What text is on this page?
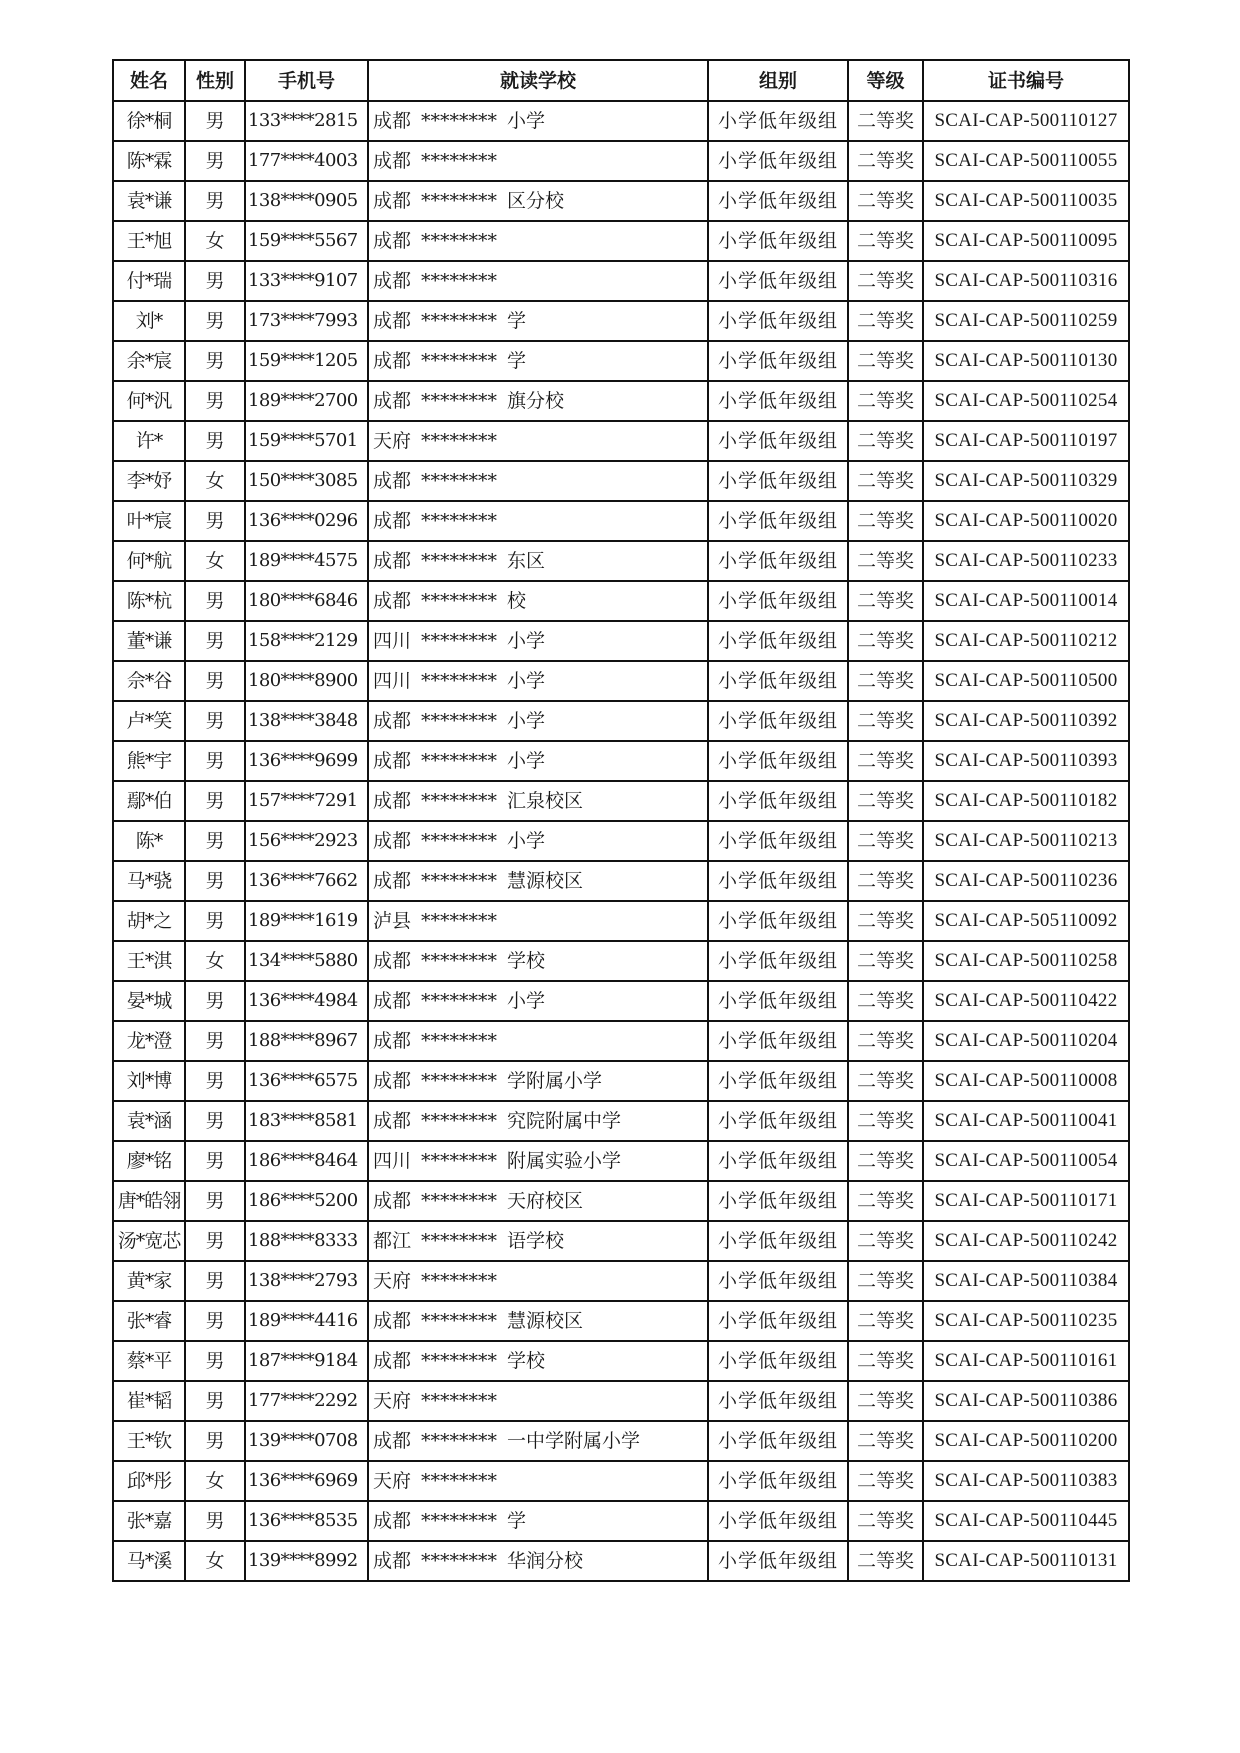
姓名	性别	手机号	就读学校	组别	等级	证书编号
徐*桐	男	133****2815	成都 ******** 小学	小学低年级组	二等奖	SCAI-CAP-500110127
陈*霖	男	177****4003	成都 ********	小学低年级组	二等奖	SCAI-CAP-500110055
袁*谦	男	138****0905	成都 ******** 区分校	小学低年级组	二等奖	SCAI-CAP-500110035
王*旭	女	159****5567	成都 ********	小学低年级组	二等奖	SCAI-CAP-500110095
付*瑞	男	133****9107	成都 ********	小学低年级组	二等奖	SCAI-CAP-500110316
刘*	男	173****7993	成都 ******** 学	小学低年级组	二等奖	SCAI-CAP-500110259
余*宸	男	159****1205	成都 ******** 学	小学低年级组	二等奖	SCAI-CAP-500110130
何*汎	男	189****2700	成都 ******** 旗分校	小学低年级组	二等奖	SCAI-CAP-500110254
许*	男	159****5701	天府 ********	小学低年级组	二等奖	SCAI-CAP-500110197
李*妤	女	150****3085	成都 ********	小学低年级组	二等奖	SCAI-CAP-500110329
叶*宸	男	136****0296	成都 ********	小学低年级组	二等奖	SCAI-CAP-500110020
何*航	女	189****4575	成都 ******** 东区	小学低年级组	二等奖	SCAI-CAP-500110233
陈*杭	男	180****6846	成都 ******** 校	小学低年级组	二等奖	SCAI-CAP-500110014
董*谦	男	158****2129	四川 ******** 小学	小学低年级组	二等奖	SCAI-CAP-500110212
佘*谷	男	180****8900	四川 ******** 小学	小学低年级组	二等奖	SCAI-CAP-500110500
卢*笑	男	138****3848	成都 ******** 小学	小学低年级组	二等奖	SCAI-CAP-500110392
熊*宇	男	136****9699	成都 ******** 小学	小学低年级组	二等奖	SCAI-CAP-500110393
鄢*伯	男	157****7291	成都 ******** 汇泉校区	小学低年级组	二等奖	SCAI-CAP-500110182
陈*	男	156****2923	成都 ******** 小学	小学低年级组	二等奖	SCAI-CAP-500110213
马*骁	男	136****7662	成都 ******** 慧源校区	小学低年级组	二等奖	SCAI-CAP-500110236
胡*之	男	189****1619	泸县 ********	小学低年级组	二等奖	SCAI-CAP-505110092
王*淇	女	134****5880	成都 ******** 学校	小学低年级组	二等奖	SCAI-CAP-500110258
晏*城	男	136****4984	成都 ******** 小学	小学低年级组	二等奖	SCAI-CAP-500110422
龙*澄	男	188****8967	成都 ********	小学低年级组	二等奖	SCAI-CAP-500110204
刘*博	男	136****6575	成都 ******** 学附属小学	小学低年级组	二等奖	SCAI-CAP-500110008
袁*涵	男	183****8581	成都 ******** 究院附属中学	小学低年级组	二等奖	SCAI-CAP-500110041
廖*铭	男	186****8464	四川 ******** 附属实验小学	小学低年级组	二等奖	SCAI-CAP-500110054
唐*皓翎	男	186****5200	成都 ******** 天府校区	小学低年级组	二等奖	SCAI-CAP-500110171
汤*宽芯	男	188****8333	都江 ******** 语学校	小学低年级组	二等奖	SCAI-CAP-500110242
黄*家	男	138****2793	天府 ********	小学低年级组	二等奖	SCAI-CAP-500110384
张*睿	男	189****4416	成都 ******** 慧源校区	小学低年级组	二等奖	SCAI-CAP-500110235
蔡*平	男	187****9184	成都 ******** 学校	小学低年级组	二等奖	SCAI-CAP-500110161
崔*韬	男	177****2292	天府 ********	小学低年级组	二等奖	SCAI-CAP-500110386
王*钦	男	139****0708	成都 ******** 一中学附属小学	小学低年级组	二等奖	SCAI-CAP-500110200
邱*彤	女	136****6969	天府 ********	小学低年级组	二等奖	SCAI-CAP-500110383
张*嘉	男	136****8535	成都 ******** 学	小学低年级组	二等奖	SCAI-CAP-500110445
马*溪	女	139****8992	成都 ******** 华润分校	小学低年级组	二等奖	SCAI-CAP-500110131
